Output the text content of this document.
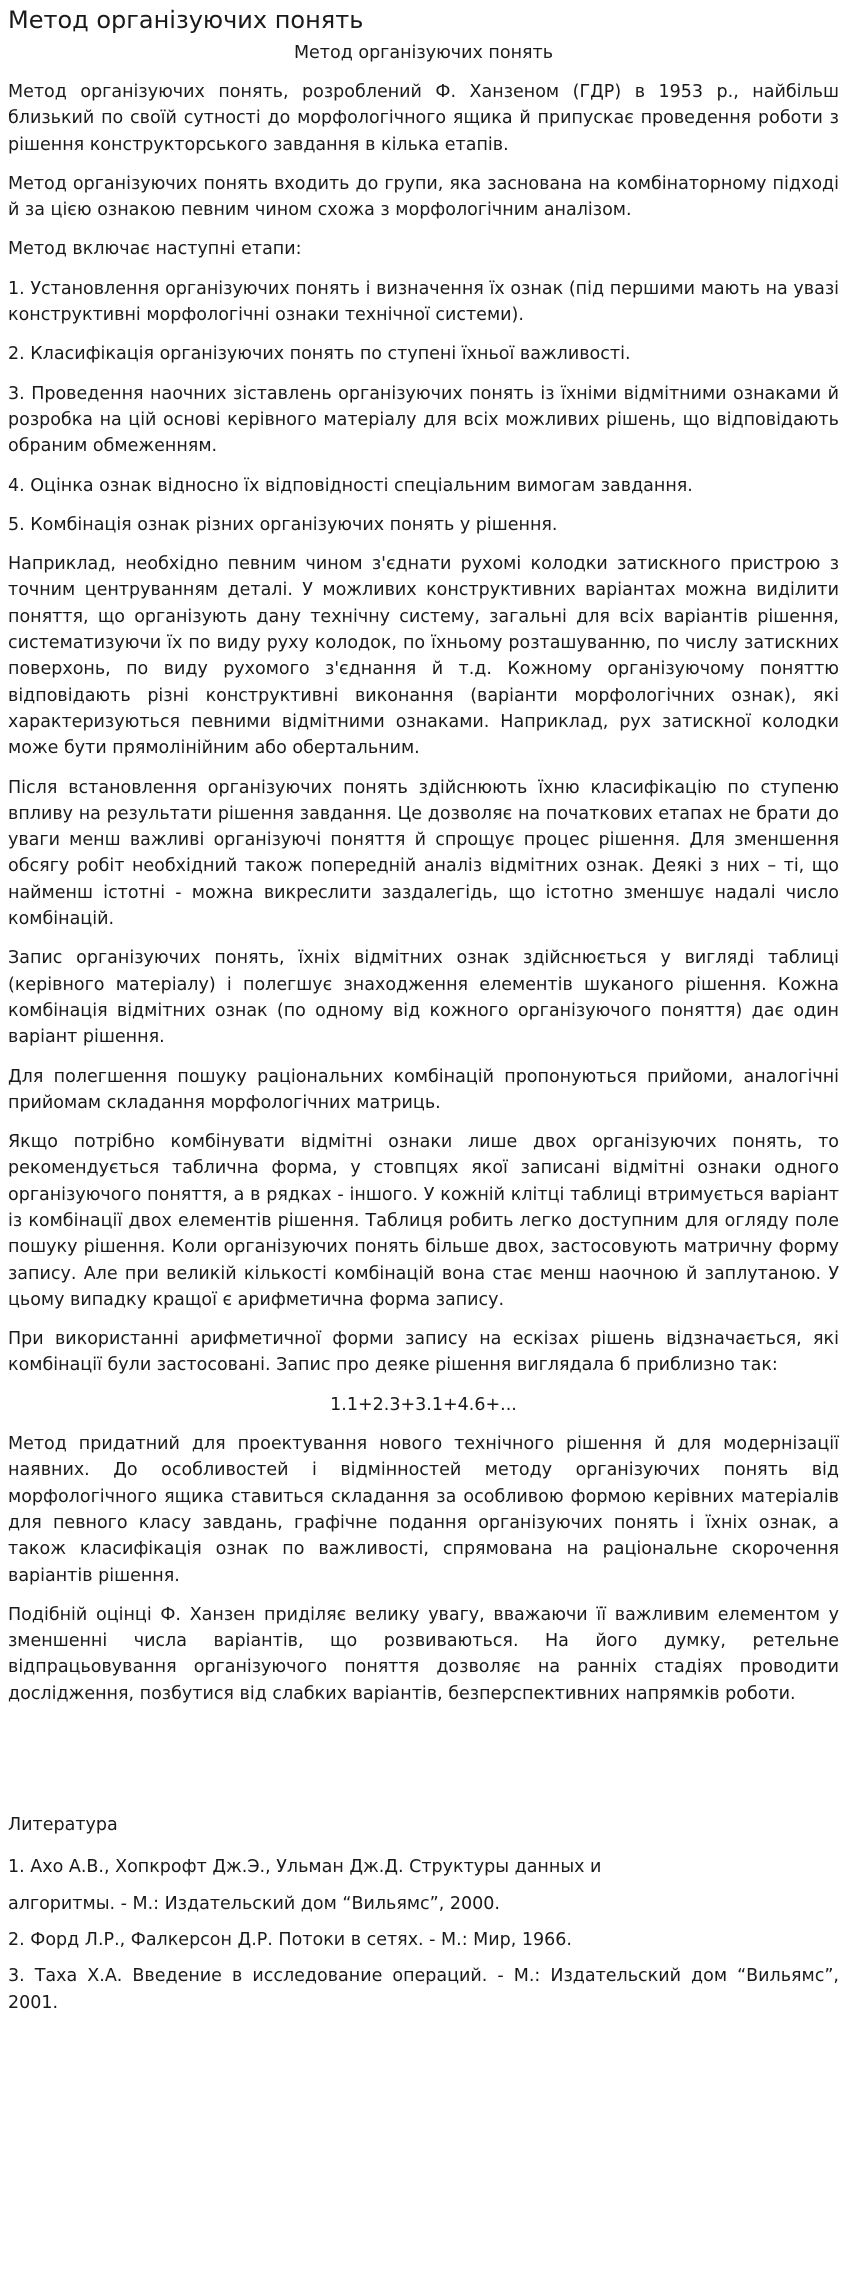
Метод організуючих понять
Метод організуючих понять

Метод організуючих понять, розроблений Ф. Ханзеном (ГДР) в 1953 р., найбільш близький по своїй сутності до морфологічного ящика й припускає проведення роботи з рішення конструкторського завдання в кілька етапів.

Метод організуючих понять входить до групи, яка заснована на комбінаторному підході й за цією ознакою певним чином схожа з морфологічним аналізом.

Метод включає наступні етапи:

1. Установлення організуючих понять і визначення їх ознак (під першими мають на увазі конструктивні морфологічні ознаки технічної системи).

2. Класифікація організуючих понять по ступені їхньої важливості.

3. Проведення наочних зіставлень організуючих понять із їхніми відмітними ознаками й розробка на цій основі керівного матеріалу для всіх можливих рішень, що відповідають обраним обмеженням.

4. Оцінка ознак відносно їх відповідності спеціальним вимогам завдання.

5. Комбінація ознак різних організуючих понять у рішення.

Наприклад, необхідно певним чином з'єднати рухомі колодки затискного пристрою з точним центруванням деталі. У можливих конструктивних варіантах можна виділити поняття, що організують дану технічну систему, загальні для всіх варіантів рішення, систематизуючи їх по виду руху колодок, по їхньому розташуванню, по числу затискних поверхонь, по виду рухомого з'єднання й т.д. Кожному організуючому поняттю відповідають різні конструктивні виконання (варіанти морфологічних ознак), які характеризуються певними відмітними ознаками. Наприклад, рух затискної колодки може бути прямолінійним або обертальним.

Після встановлення організуючих понять здійснюють їхню класифікацію по ступеню впливу на результати рішення завдання. Це дозволяє на початкових етапах не брати до уваги менш важливі організуючі поняття й спрощує процес рішення. Для зменшення обсягу робіт необхідний також попередній аналіз відмітних ознак. Деякі з них – ті, що найменш істотні - можна викреслити заздалегідь, що істотно зменшує надалі число комбінацій.

Запис організуючих понять, їхніх відмітних ознак здійснюється у вигляді таблиці (керівного матеріалу) і полегшує знаходження елементів шуканого рішення. Кожна комбінація відмітних ознак (по одному від кожного організуючого поняття) дає один варіант рішення.

Для полегшення пошуку раціональних комбінацій пропонуються прийоми, аналогічні прийомам складання морфологічних матриць.

Якщо потрібно комбінувати відмітні ознаки лише двох організуючих понять, то рекомендується таблична форма, у стовпцях якої записані відмітні ознаки одного організуючого поняття, а в рядках - іншого. У кожній клітці таблиці втримується варіант із комбінації двох елементів рішення. Таблиця робить легко доступним для огляду поле пошуку рішення. Коли організуючих понять більше двох, застосовують матричну форму запису. Але при великій кількості комбінацій вона стає менш наочною й заплутаною. У цьому випадку кращої є арифметична форма запису.

При використанні арифметичної форми запису на ескізах рішень відзначається, які комбінації були застосовані. Запис про деяке рішення виглядала б приблизно так:

1.1+2.3+3.1+4.6+...

Метод придатний для проектування нового технічного рішення й для модернізації наявних. До особливостей і відмінностей методу організуючих понять від морфологічного ящика ставиться складання за особливою формою керівних матеріалів для певного класу завдань, графічне подання організуючих понять і їхніх ознак, а також класифікація ознак по важливості, спрямована на раціональне скорочення варіантів рішення.

Подібній оцінці Ф. Ханзен приділяє велику увагу, вважаючи її важливим елементом у зменшенні числа варіантів, що розвиваються. На його думку, ретельне відпрацьовування організуючого поняття дозволяє на ранніх стадіях проводити дослідження, позбутися від слабких варіантів, безперспективних напрямків роботи.

Литература

1. Ахо А.В., Хопкрофт Дж.Э., Ульман Дж.Д. Структуры данных и

алгоритмы. - М.: Издательский дом “Вильямс”, 2000.

2. Форд Л.Р., Фалкерсон Д.Р. Потоки в сетях. - М.: Мир, 1966.

3. Таха Х.А. Введение в исследование операций. - М.: Издательский дом “Вильямс”, 2001.
